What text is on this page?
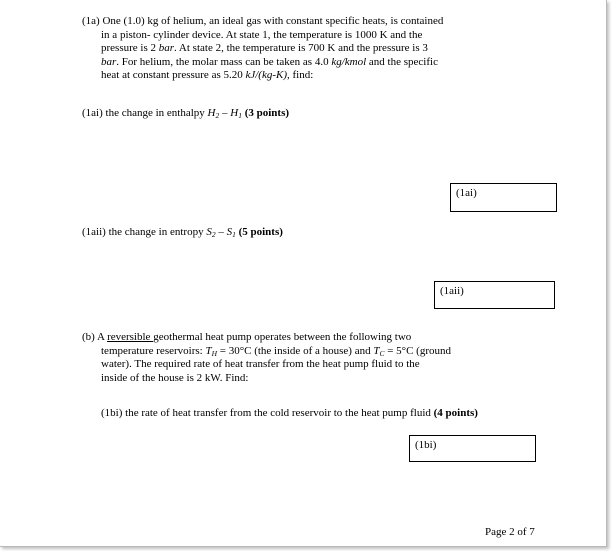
(1a) One (1.0) kg of helium, an ideal gas with constant specific heats, is contained
in a piston- cylinder device. At state 1, the temperature is 1000 K and the
pressure is 2 bar. At state 2, the temperature is 700 K and the pressure is 3
bar. For helium, the molar mass can be taken as 4.0 kg/kmol and the specific
heat at constant pressure as 5.20 kJ/(kg-K), find:
(1ai) the change in enthalpy $H_2 - H_1$ (3 points)
(1ai)
(1aii) the change in entropy $S_2 - S_1$ (5 points)
(1aii)
(b) A reversible geothermal heat pump operates between the following two
temperature reservoirs: $T_H = 30^\circ C$ (the inside of a house) and $T_C = 5^\circ C$ (ground
water). The required rate of heat transfer from the heat pump fluid to the
inside of the house is 2 kW. Find:
(1bi) the rate of heat transfer from the cold reservoir to the heat pump fluid (4 points)
(1bi)
Page 2 of 7
